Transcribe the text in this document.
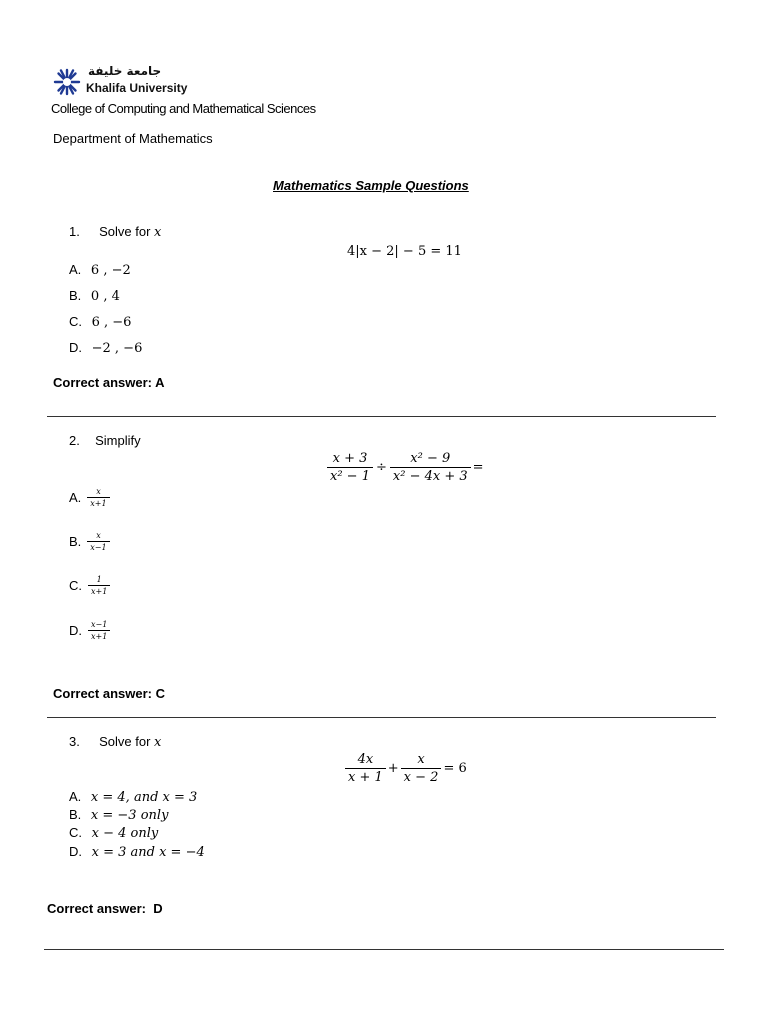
جامعة خليفة
Khalifa University
College of Computing and Mathematical Sciences
Department of Mathematics
Mathematics Sample Questions
1. Solve for x
4|x − 2| − 5 = 11
A. 6 , −2
B. 0 , 4
C. 6 , −6
D. −2 , −6
Correct answer: A
2. Simplify
$\frac{x + 3}{\text{x² − 1}} \div \frac{\text{x² − 9}}{\text{x² − 4x + 3}}$ =
A. $\frac{x}{x+1}$
B. $\frac{x}{x-1}$
C. $\frac{1}{x+1}$
D. $\frac{x-1}{x+1}$
Correct answer: C
3. Solve for x
$\frac{4x}{x + 1} + \frac{x}{x - 2} = 6$
A. x = 4, and x = 3
B. x = −3 only
C. x − 4 only
D. x = 3 and x = −4
Correct answer:  D
